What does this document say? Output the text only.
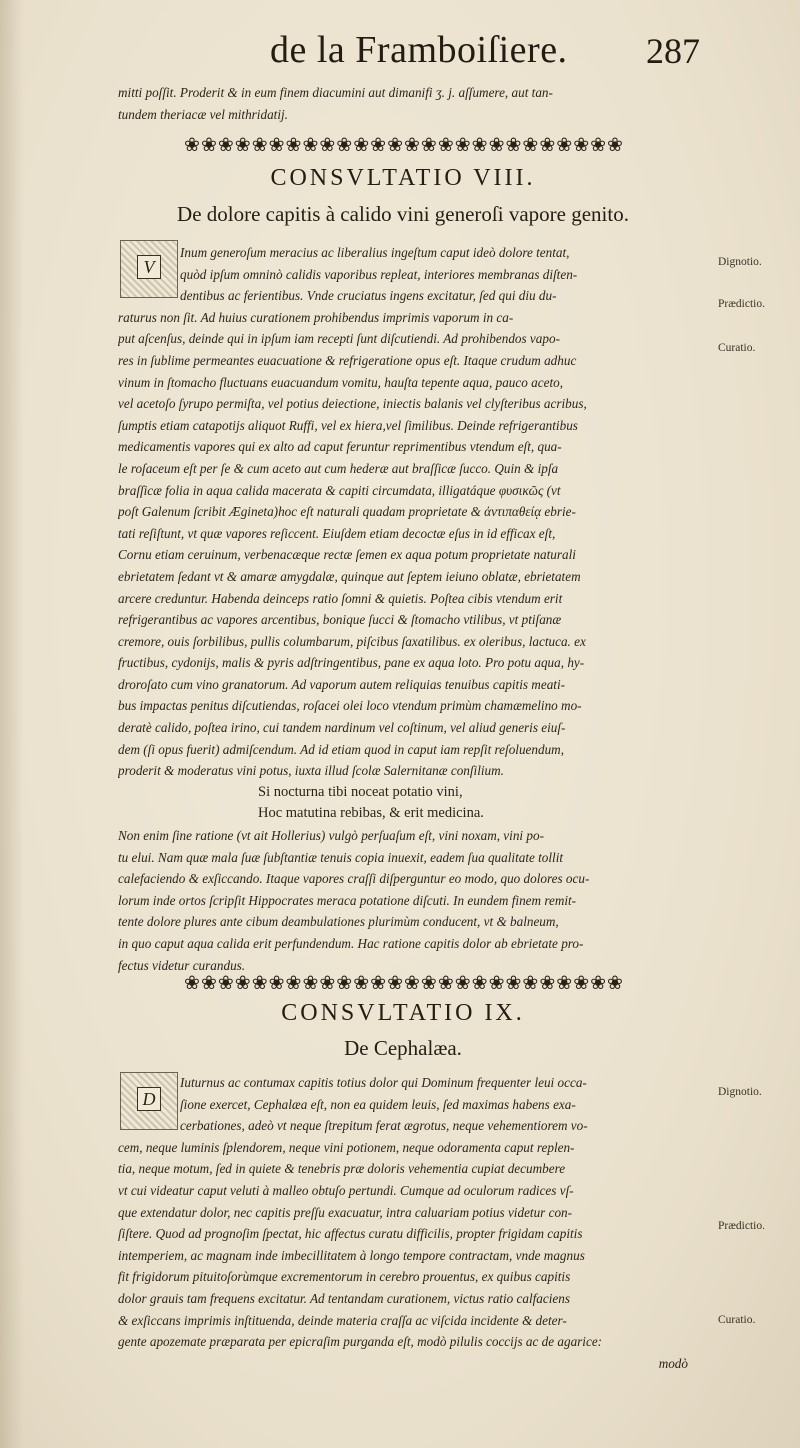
de la Framboiſiere. 287
mitti poſſit. Proderit & in eum finem diacumini aut dimanifi ʒ. j. aſſumere, aut tan-
tundem theriacæ vel mithridatij.
❀❀❀❀❀❀❀❀❀❀❀❀❀❀❀❀❀❀❀❀❀❀❀❀❀❀
CONSVLTATIO VIII.
De dolore capitis à calido vini generoſi vapore genito.
V
Inum generoſum meracius ac liberalius ingeſtum caput ideò dolore tentat,
quòd ipſum omninò calidis vaporibus repleat, interiores membranas diſten-
dentibus ac ferientibus. Vnde cruciatus ingens excitatur, ſed qui diu du-
raturus non ſit. Ad huius curationem prohibendus imprimis vaporum in ca-
put aſcenſus, deinde qui in ipſum iam recepti ſunt diſcutiendi. Ad prohibendos vapo-
res in ſublime permeantes euacuatione & refrigeratione opus eſt. Itaque crudum adhuc
vinum in ſtomacho fluctuans euacuandum vomitu, hauſta tepente aqua, pauco aceto,
vel acetoſo ſyrupo permiſta, vel potius deiectione, iniectis balanis vel clyſteribus acribus,
ſumptis etiam catapotijs aliquot Ruffi, vel ex hiera,vel ſimilibus. Deinde refrigerantibus
medicamentis vapores qui ex alto ad caput feruntur reprimentibus vtendum eſt, qua-
le roſaceum eſt per ſe & cum aceto aut cum hederæ aut braſſicæ ſucco. Quin & ipſa
braſſicæ folia in aqua calida macerata & capiti circumdata, illigatáque φυσικῶς (vt
poſt Galenum ſcribit Ægineta)hoc eſt naturali quadam proprietate & ἀντιπαθείᾳ ebrie-
tati reſiſtunt, vt quæ vapores reſiccent. Eiuſdem etiam decoctæ eſus in id efficax eſt,
Cornu etiam ceruinum, verbenacæque rectæ ſemen ex aqua potum proprietate naturali
ebrietatem ſedant vt & amaræ amygdalæ, quinque aut ſeptem ieiuno oblatæ, ebrietatem
arcere creduntur. Habenda deinceps ratio ſomni & quietis. Poſtea cibis vtendum erit
refrigerantibus ac vapores arcentibus, bonique ſucci & ſtomacho vtilibus, vt ptiſanæ
cremore, ouis ſorbilibus, pullis columbarum, piſcibus ſaxatilibus. ex oleribus, lactuca. ex
fructibus, cydonijs, malis & pyris adſtringentibus, pane ex aqua loto. Pro potu aqua, hy-
droroſato cum vino granatorum. Ad vaporum autem reliquias tenuibus capitis meati-
bus impactas penitus diſcutiendas, roſacei olei loco vtendum primùm chamæmelino mo-
deratè calido, poſtea irino, cui tandem nardinum vel coſtinum, vel aliud generis eiuſ-
dem (ſi opus fuerit) admiſcendum. Ad id etiam quod in caput iam repſit reſoluendum,
proderit & moderatus vini potus, iuxta illud ſcolæ Salernitanæ conſilium.
Si nocturna tibi noceat potatio vini,
Hoc matutina rebibas, & erit medicina.
Non enim ſine ratione (vt ait Hollerius) vulgò perſuaſum eſt, vini noxam, vini po-
tu elui. Nam quæ mala ſuæ ſubſtantiæ tenuis copia inuexit, eadem ſua qualitate tollit
calefaciendo & exſiccando. Itaque vapores craſſi diſperguntur eo modo, quo dolores ocu-
lorum inde ortos ſcripſit Hippocrates meraca potatione diſcuti. In eundem finem remit-
tente dolore plures ante cibum deambulationes plurimùm conducent, vt & balneum,
in quo caput aqua calida erit perfundendum. Hac ratione capitis dolor ab ebrietate pro-
fectus videtur curandus.
Dignotio.
Prædictio.
Curatio.
❀❀❀❀❀❀❀❀❀❀❀❀❀❀❀❀❀❀❀❀❀❀❀❀❀❀
CONSVLTATIO IX.
De Cephalæa.
D
Iuturnus ac contumax capitis totius dolor qui Dominum frequenter leui occa-
ſione exercet, Cephalæa eſt, non ea quidem leuis, ſed maximas habens exa-
cerbationes, adeò vt neque ſtrepitum ferat ægrotus, neque vehementiorem vo-
cem, neque luminis ſplendorem, neque vini potionem, neque odoramenta caput replen-
tia, neque motum, ſed in quiete & tenebris præ doloris vehementia cupiat decumbere
vt cui videatur caput veluti à malleo obtuſo pertundi. Cumque ad oculorum radices vſ-
que extendatur dolor, nec capitis preſſu exacuatur, intra caluariam potius videtur con-
ſiſtere. Quod ad prognoſim ſpectat, hic affectus curatu difficilis, propter frigidam capitis
intemperiem, ac magnam inde imbecillitatem à longo tempore contractam, vnde magnus
fit frigidorum pituitoſorùmque excrementorum in cerebro prouentus, ex quibus capitis
dolor grauis tam frequens excitatur. Ad tentandam curationem, victus ratio calfaciens
& exſiccans imprimis inſtituenda, deinde materia craſſa ac viſcida incidente & deter-
gente apozemate præparata per epicraſim purganda eſt, modò pilulis coccijs ac de agarice:
modò
Dignotio.
Prædictio.
Curatio.
